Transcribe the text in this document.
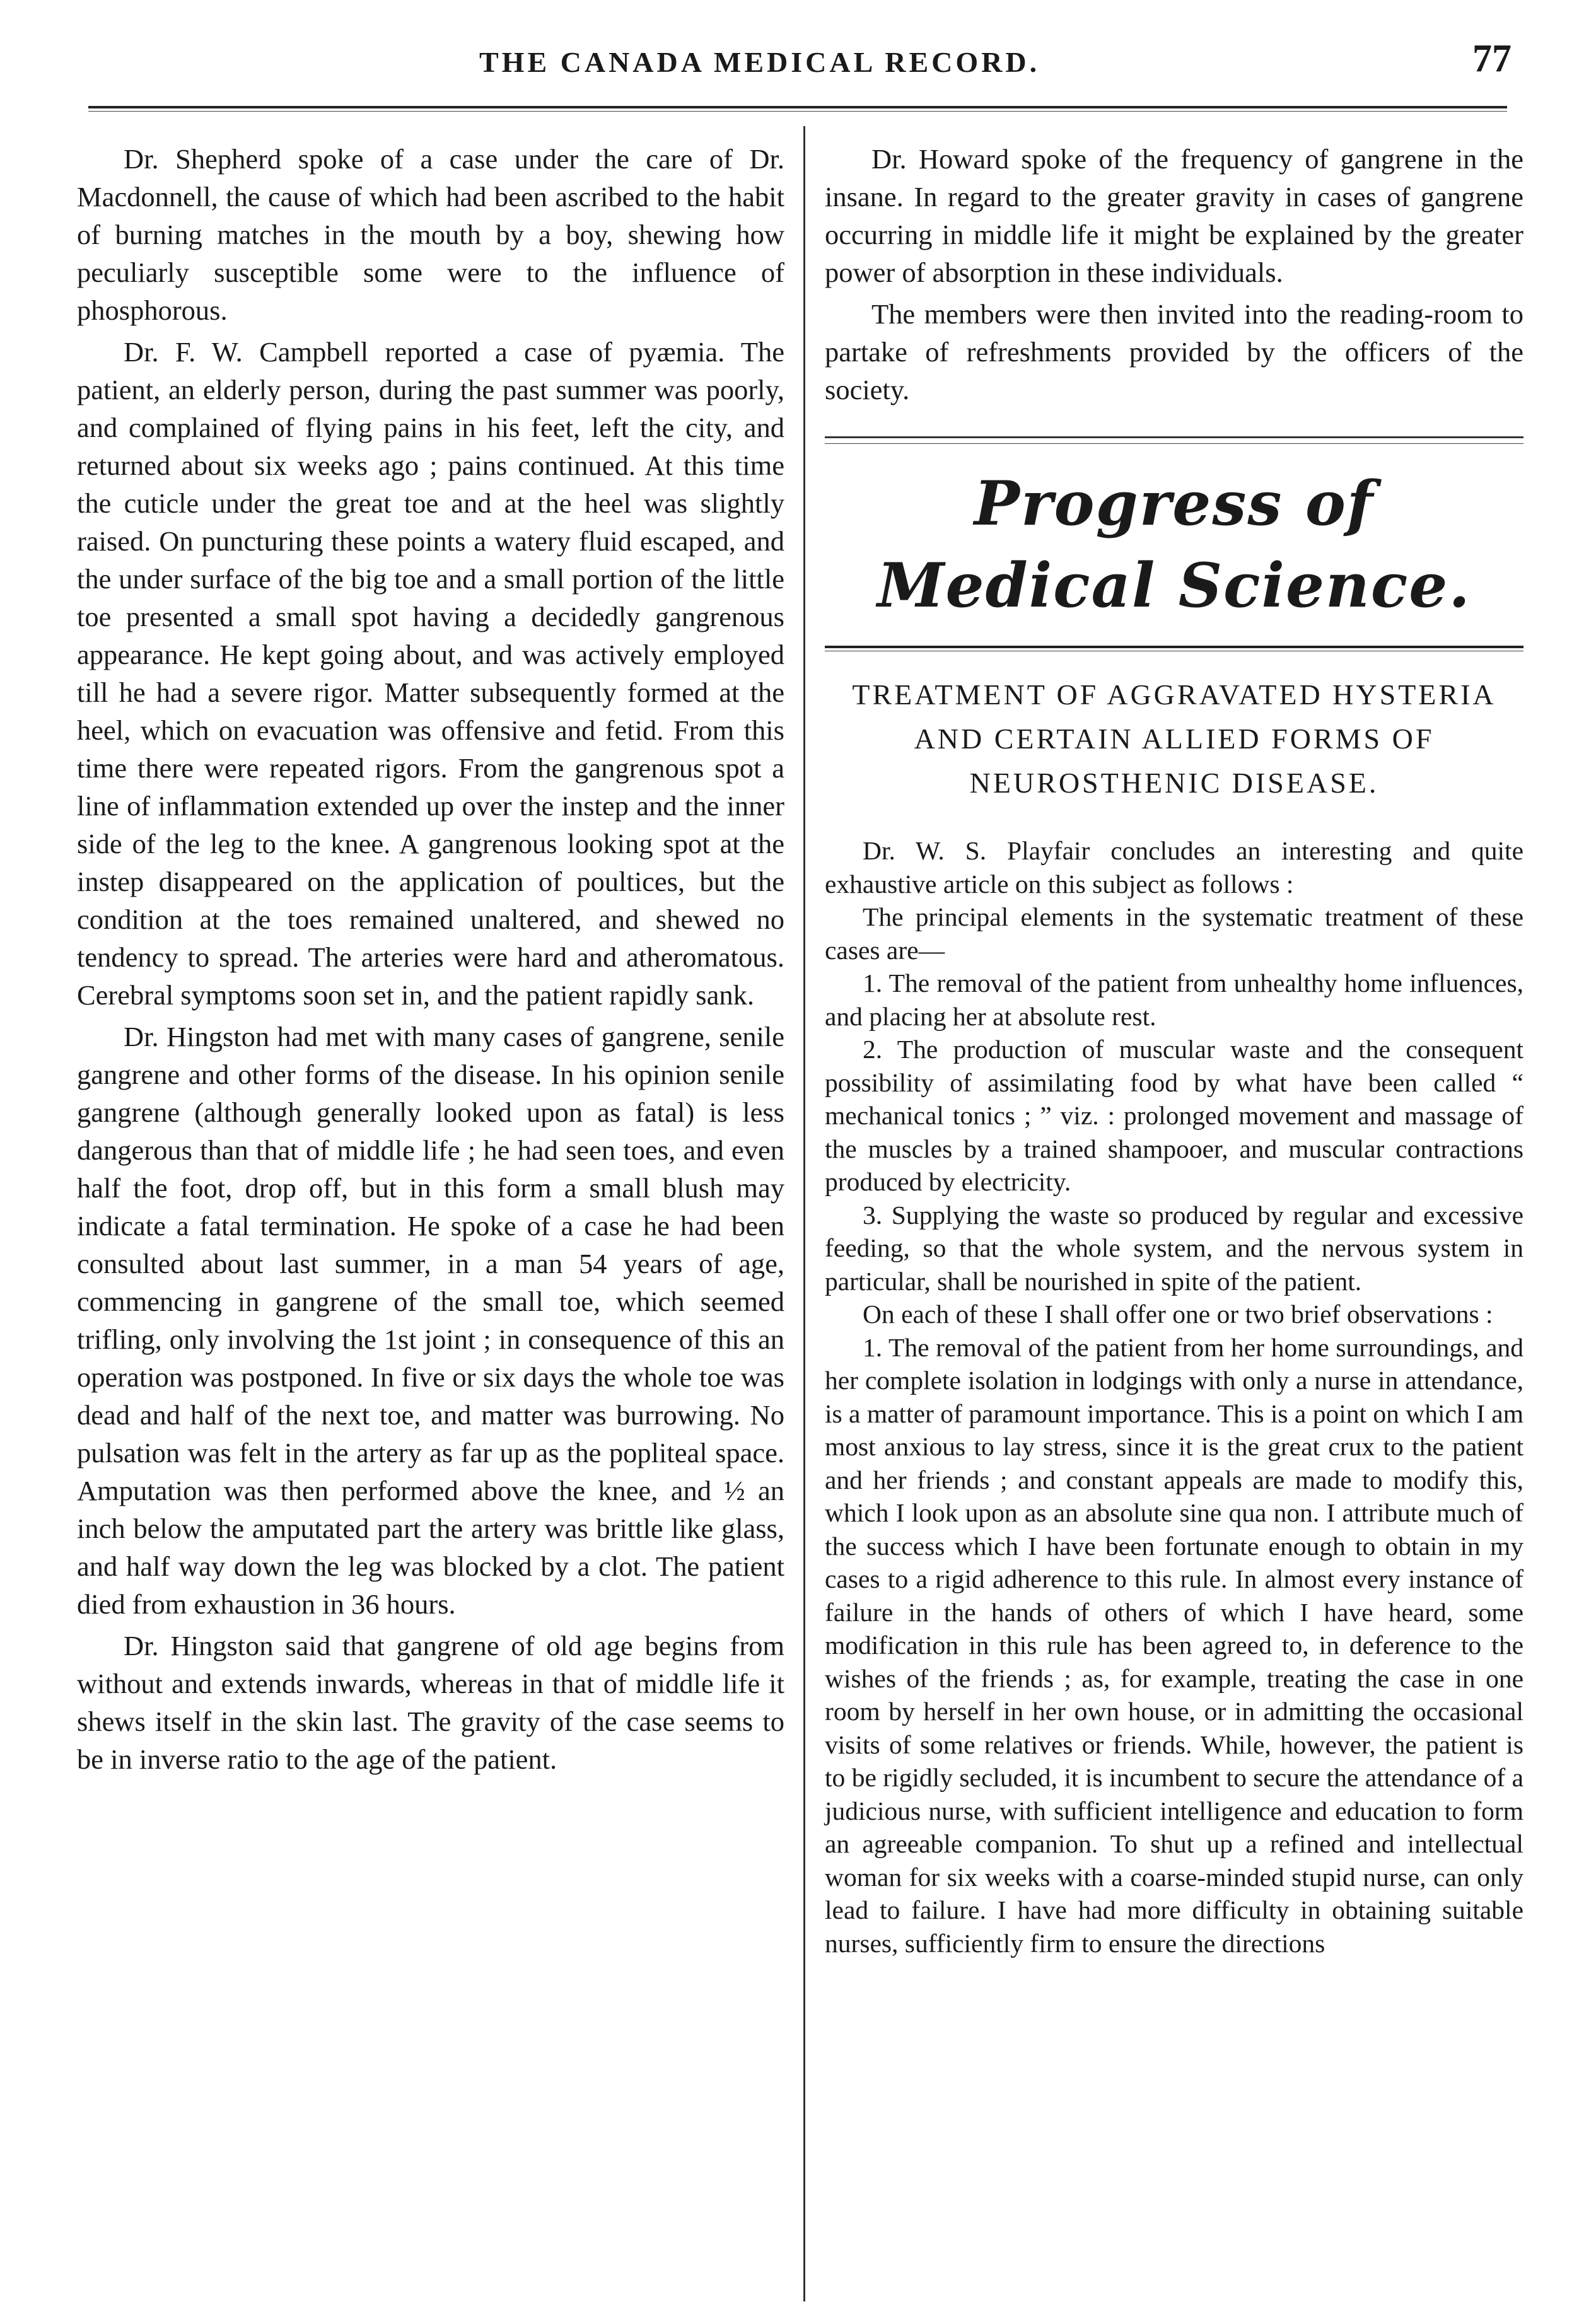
THE CANADA MEDICAL RECORD.	77

Dr. Shepherd spoke of a case under the care of Dr. Macdonnell, the cause of which had been ascribed to the habit of burning matches in the mouth by a boy, shewing how peculiarly susceptible some were to the influence of phosphorous.

Dr. F. W. Campbell reported a case of pyæmia. The patient, an elderly person, during the past summer was poorly, and complained of flying pains in his feet, left the city, and returned about six weeks ago ; pains continued. At this time the cuticle under the great toe and at the heel was slightly raised. On puncturing these points a watery fluid escaped, and the under surface of the big toe and a small portion of the little toe presented a small spot having a decidedly gangrenous appearance. He kept going about, and was actively employed till he had a severe rigor. Matter subsequently formed at the heel, which on evacuation was offensive and fetid. From this time there were repeated rigors. From the gangrenous spot a line of inflammation extended up over the instep and the inner side of the leg to the knee. A gangrenous looking spot at the instep disappeared on the application of poultices, but the condition at the toes remained unaltered, and shewed no tendency to spread. The arteries were hard and atheromatous. Cerebral symptoms soon set in, and the patient rapidly sank.

Dr. Hingston had met with many cases of gangrene, senile gangrene and other forms of the disease. In his opinion senile gangrene (although generally looked upon as fatal) is less dangerous than that of middle life ; he had seen toes, and even half the foot, drop off, but in this form a small blush may indicate a fatal termination. He spoke of a case he had been consulted about last summer, in a man 54 years of age, commencing in gangrene of the small toe, which seemed trifling, only involving the 1st joint ; in consequence of this an operation was postponed. In five or six days the whole toe was dead and half of the next toe, and matter was burrowing. No pulsation was felt in the artery as far up as the popliteal space. Amputation was then performed above the knee, and ½ an inch below the amputated part the artery was brittle like glass, and half way down the leg was blocked by a clot. The patient died from exhaustion in 36 hours.

Dr. Hingston said that gangrene of old age begins from without and extends inwards, whereas in that of middle life it shews itself in the skin last. The gravity of the case seems to be in inverse ratio to the age of the patient.

Dr. Howard spoke of the frequency of gangrene in the insane. In regard to the greater gravity in cases of gangrene occurring in middle life it might be explained by the greater power of absorption in these individuals.

The members were then invited into the reading-room to partake of refreshments provided by the officers of the society.

Progress of Medical Science.
TREATMENT OF AGGRAVATED HYSTERIA AND CERTAIN ALLIED FORMS OF NEUROSTHENIC DISEASE.

Dr. W. S. Playfair concludes an interesting and quite exhaustive article on this subject as follows :

The principal elements in the systematic treatment of these cases are—

1. The removal of the patient from unhealthy home influences, and placing her at absolute rest.

2. The production of muscular waste and the consequent possibility of assimilating food by what have been called “ mechanical tonics ; ” viz. : prolonged movement and massage of the muscles by a trained shampooer, and muscular contractions produced by electricity.

3. Supplying the waste so produced by regular and excessive feeding, so that the whole system, and the nervous system in particular, shall be nourished in spite of the patient.

On each of these I shall offer one or two brief observations :

1. The removal of the patient from her home surroundings, and her complete isolation in lodgings with only a nurse in attendance, is a matter of paramount importance. This is a point on which I am most anxious to lay stress, since it is the great crux to the patient and her friends ; and constant appeals are made to modify this, which I look upon as an absolute sine qua non. I attribute much of the success which I have been fortunate enough to obtain in my cases to a rigid adherence to this rule. In almost every instance of failure in the hands of others of which I have heard, some modification in this rule has been agreed to, in deference to the wishes of the friends ; as, for example, treating the case in one room by herself in her own house, or in admitting the occasional visits of some relatives or friends. While, however, the patient is to be rigidly secluded, it is incumbent to secure the attendance of a judicious nurse, with sufficient intelligence and education to form an agreeable companion. To shut up a refined and intellectual woman for six weeks with a coarse-minded stupid nurse, can only lead to failure. I have had more difficulty in obtaining suitable nurses, sufficiently firm to ensure the directions
